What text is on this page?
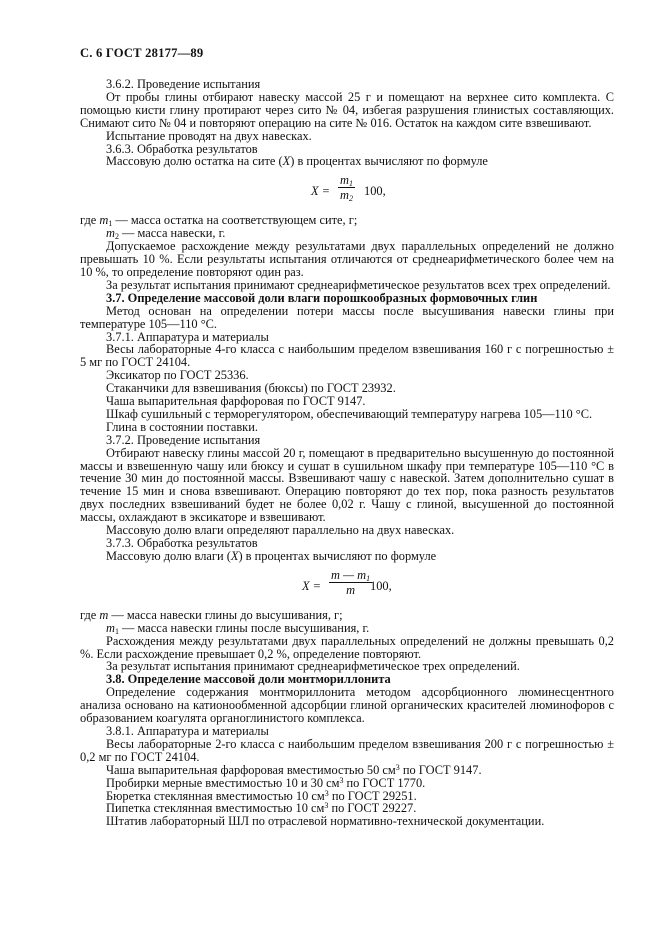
С. 6 ГОСТ 28177—89

3.6.2. Проведение испытания

От пробы глины отбирают навеску массой 25 г и помещают на верхнее сито комплекта. С помощью кисти глину протирают через сито № 04, избегая разрушения глинистых составляющих. Снимают сито № 04 и повторяют операцию на сите № 016. Остаток на каждом сите взвешивают.

Испытание проводят на двух навесках.

3.6.3. Обработка результатов

Массовую долю остатка на сите (X) в процентах вычисляют по формуле

$X = \frac{m_1}{m_2} 100$,

где $m_1$ — масса остатка на соответствующем сите, г;

$m_2$ — масса навески, г.

Допускаемое расхождение между результатами двух параллельных определений не должно превышать 10 %. Если результаты испытания отличаются от среднеарифметического более чем на 10 %, то определение повторяют один раз.

За результат испытания принимают среднеарифметическое результатов всех трех определений.

3.7. Определение массовой доли влаги порошкообразных формовочных глин

Метод основан на определении потери массы после высушивания навески глины при температуре 105—110 °С.

3.7.1. Аппаратура и материалы

Весы лабораторные 4-го класса с наибольшим пределом взвешивания 160 г с погрешностью ± 5 мг по ГОСТ 24104.

Эксикатор по ГОСТ 25336.

Стаканчики для взвешивания (бюксы) по ГОСТ 23932.

Чаша выпарительная фарфоровая по ГОСТ 9147.

Шкаф сушильный с терморегулятором, обеспечивающий температуру нагрева 105—110 °С.

Глина в состоянии поставки.

3.7.2. Проведение испытания

Отбирают навеску глины массой 20 г, помещают в предварительно высушенную до постоянной массы и взвешенную чашу или бюксу и сушат в сушильном шкафу при температуре 105—110 °С в течение 30 мин до постоянной массы. Взвешивают чашу с навеской. Затем дополнительно сушат в течение 15 мин и снова взвешивают. Операцию повторяют до тех пор, пока разность результатов двух последних взвешиваний будет не более 0,02 г. Чашу с глиной, высушенной до постоянной массы, охлаждают в эксикаторе и взвешивают.

Массовую долю влаги определяют параллельно на двух навесках.

3.7.3. Обработка результатов

Массовую долю влаги (X) в процентах вычисляют по формуле

$X = \frac{m — m_1}{m}$
100,

где m — масса навески глины до высушивания, г;

$m_1$ — масса навески глины после высушивания, г.

Расхождения между результатами двух параллельных определений не должны превышать 0,2 %. Если расхождение превышает 0,2 %, определение повторяют.

За результат испытания принимают среднеарифметическое трех определений.

3.8. Определение массовой доли монтмориллонита

Определение содержания монтмориллонита методом адсорбционного люминесцентного анализа основано на катионообменной адсорбции глиной органических красителей люминофоров с образованием коагулята органоглинистого комплекса.

3.8.1. Аппаратура и материалы

Весы лабораторные 2-го класса с наибольшим пределом взвешивания 200 г с погрешностью ± 0,2 мг по ГОСТ 24104.

Чаша выпарительная фарфоровая вместимостью 50 $см^3$ по ГОСТ 9147.

Пробирки мерные вместимостью 10 и 30 $см^3$ по ГОСТ 1770.

Бюретка стеклянная вместимостью 10 $см^3$ по ГОСТ 29251.

Пипетка стеклянная вместимостью 10 $см^3$ по ГОСТ 29227.

Штатив лабораторный ШЛ по отраслевой нормативно-технической документации.
